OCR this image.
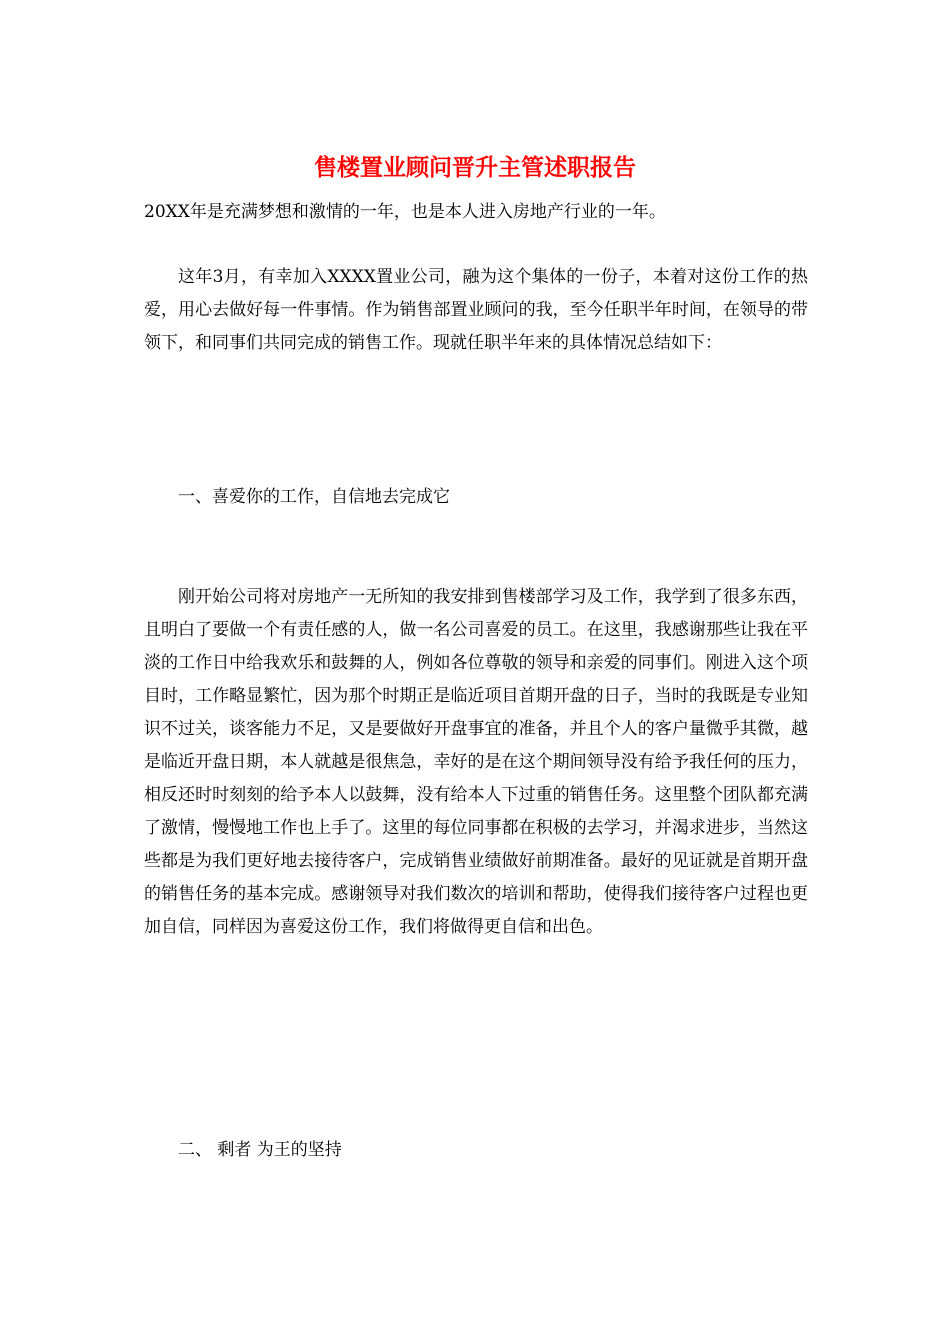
售楼置业顾问晋升主管述职报告
20XX年是充满梦想和激情的一年，也是本人进入房地产行业的一年。
这年3月，有幸加入XXXX置业公司，融为这个集体的一份子，本着对这份工作的热爱，用心去做好每一件事情。作为销售部置业顾问的我，至今任职半年时间，在领导的带领下，和同事们共同完成的销售工作。现就任职半年来的具体情况总结如下：
一、喜爱你的工作，自信地去完成它
刚开始公司将对房地产一无所知的我安排到售楼部学习及工作，我学到了很多东西，且明白了要做一个有责任感的人，做一名公司喜爱的员工。在这里，我感谢那些让我在平淡的工作日中给我欢乐和鼓舞的人，例如各位尊敬的领导和亲爱的同事们。刚进入这个项目时，工作略显繁忙，因为那个时期正是临近项目首期开盘的日子，当时的我既是专业知识不过关，谈客能力不足，又是要做好开盘事宜的准备，并且个人的客户量微乎其微，越是临近开盘日期，本人就越是很焦急，幸好的是在这个期间领导没有给予我任何的压力，相反还时时刻刻的给予本人以鼓舞，没有给本人下过重的销售任务。这里整个团队都充满了激情，慢慢地工作也上手了。这里的每位同事都在积极的去学习，并渴求进步，当然这些都是为我们更好地去接待客户，完成销售业绩做好前期准备。最好的见证就是首期开盘的销售任务的基本完成。感谢领导对我们数次的培训和帮助，使得我们接待客户过程也更加自信，同样因为喜爱这份工作，我们将做得更自信和出色。
二、 剩者 为王的坚持
